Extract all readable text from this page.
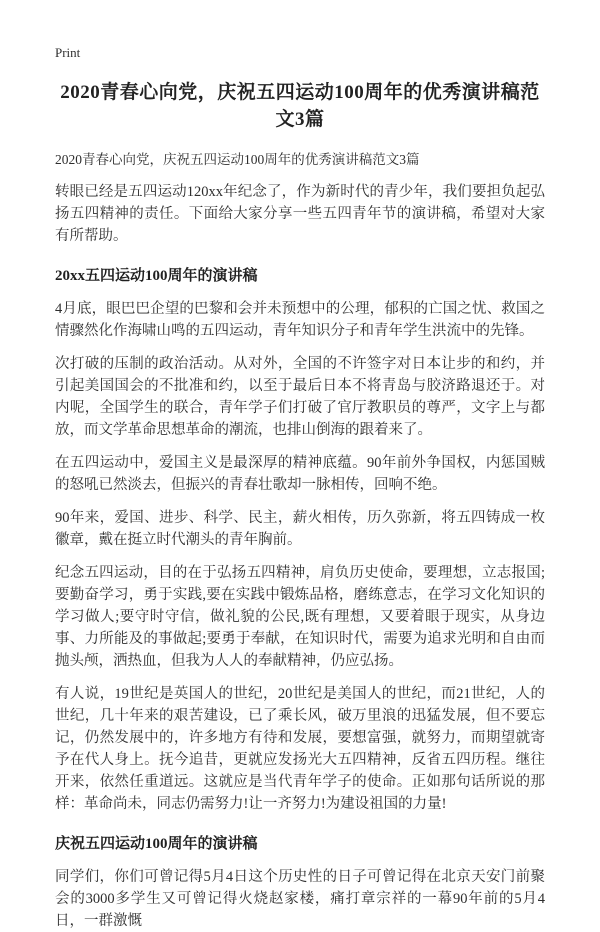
Print
2020青春心向党，庆祝五四运动100周年的优秀演讲稿范文3篇
2020青春心向党，庆祝五四运动100周年的优秀演讲稿范文3篇

转眼已经是五四运动120xx年纪念了，作为新时代的青少年，我们要担负起弘扬五四精神的责任。下面给大家分享一些五四青年节的演讲稿，希望对大家有所帮助。

20xx五四运动100周年的演讲稿

4月底，眼巴巴企望的巴黎和会并未预想中的公理，郁积的亡国之忧、救国之情骤然化作海啸山鸣的五四运动，青年知识分子和青年学生洪流中的先锋。

次打破的压制的政治活动。从对外，全国的不许签字对日本让步的和约，并引起美国国会的不批准和约，以至于最后日本不将青岛与胶济路退还于。对内呢，全国学生的联合，青年学子们打破了官厅教职员的尊严，文字上与都放，而文学革命思想革命的潮流，也排山倒海的跟着来了。

在五四运动中，爱国主义是最深厚的精神底蕴。90年前外争国权，内惩国贼的怒吼已然淡去，但振兴的青春壮歌却一脉相传，回响不绝。

90年来，爱国、进步、科学、民主，薪火相传，历久弥新，将五四铸成一枚徽章，戴在挺立时代潮头的青年胸前。

纪念五四运动，目的在于弘扬五四精神，肩负历史使命，要理想，立志报国;要勤奋学习，勇于实践,要在实践中锻炼品格，磨练意志，在学习文化知识的学习做人;要守时守信，做礼貌的公民,既有理想，又要着眼于现实，从身边事、力所能及的事做起;要勇于奉献，在知识时代，需要为追求光明和自由而抛头颅，洒热血，但我为人人的奉献精神，仍应弘扬。

有人说，19世纪是英国人的世纪，20世纪是美国人的世纪，而21世纪，人的世纪，几十年来的艰苦建设，已了乘长风，破万里浪的迅猛发展，但不要忘记，仍然发展中的，许多地方有待和发展，要想富强，就努力，而期望就寄予在代人身上。抚今追昔，更就应发扬光大五四精神，反省五四历程。继往开来，依然任重道远。这就应是当代青年学子的使命。正如那句话所说的那样：革命尚未，同志仍需努力!让一齐努力!为建设祖国的力量!

庆祝五四运动100周年的演讲稿

同学们，你们可曾记得5月4日这个历史性的日子可曾记得在北京天安门前聚会的3000多学生又可曾记得火烧赵家楼，痛打章宗祥的一幕90年前的5月4日，一群激慨
